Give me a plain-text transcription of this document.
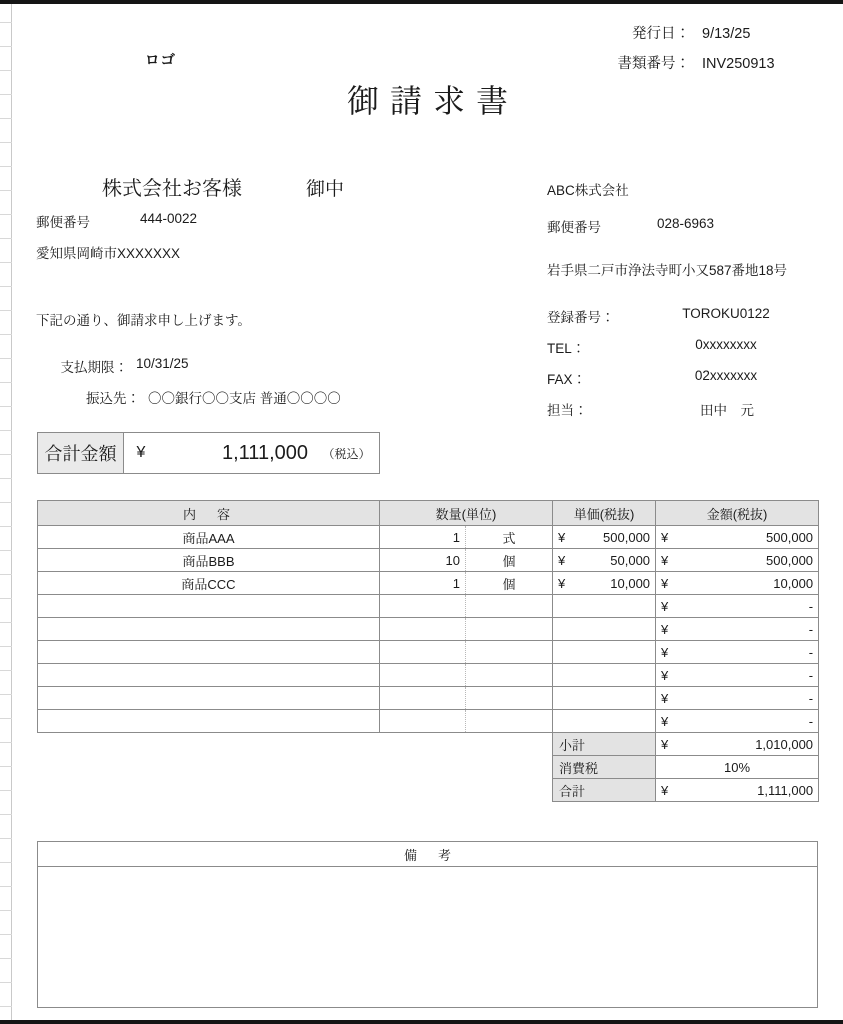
発行日： 9/13/25
書類番号： INV250913
ロゴ
御請求書
株式会社お客様	御中
郵便番号	444-0022
愛知県岡崎市XXXXXXX
ABC株式会社
郵便番号	028-6963
岩手県二戸市浄法寺町小又587番地18号
登録番号：	TOROKU0122
TEL：	0xxxxxxxx
FAX：	02xxxxxxx
担当：	田中　元
下記の通り、御請求申し上げます。
支払期限： 10/31/25
振込先： 〇〇銀行〇〇支店 普通〇〇〇〇
合計金額	¥	1,111,000	（税込）
内　容	数量(単位)		単価(税抜)		金額(税抜)	
商品AAA	1	式	¥	500,000	¥	500,000
商品BBB	10	個	¥	50,000	¥	500,000
商品CCC	1	個	¥	10,000	¥	10,000
					¥	-
					¥	-
					¥	-
					¥	-
					¥	-
					¥	-
			小計		¥	1,010,000
			消費税		10%	
			合計		¥	1,111,000
備　考
